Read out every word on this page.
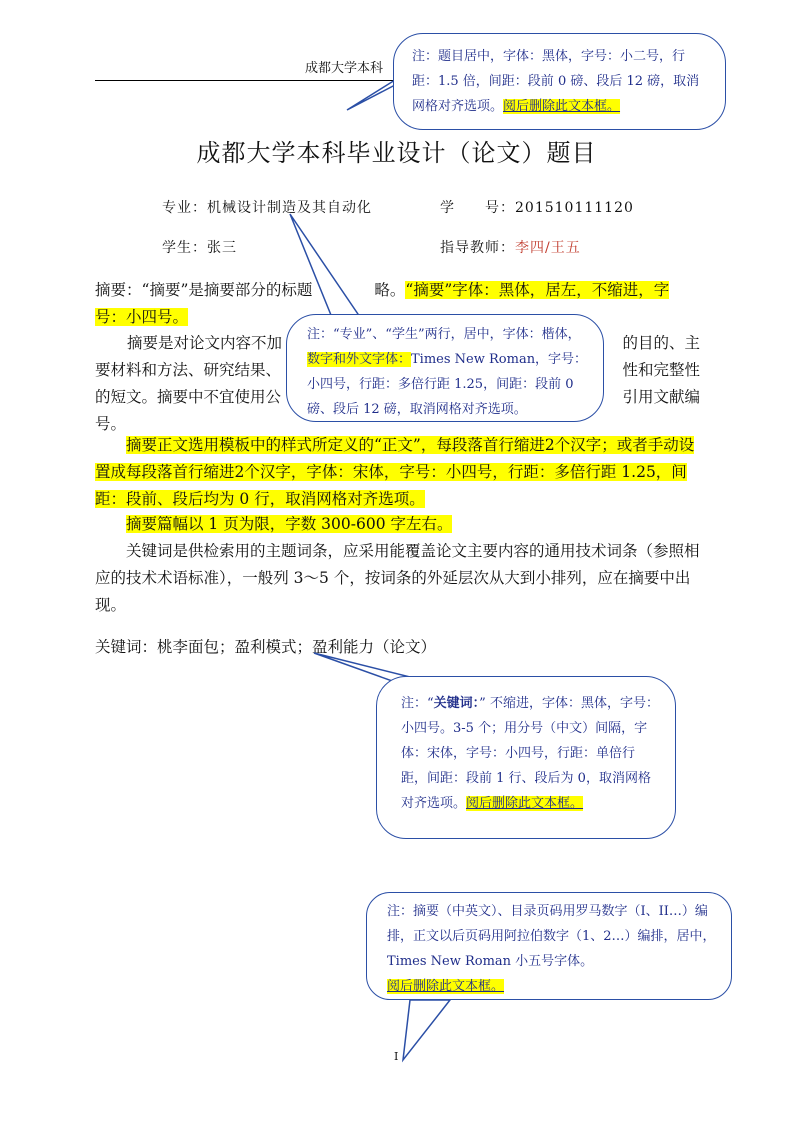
成都大学本科
成都大学本科毕业设计（论文）题目
专业：机械设计制造及其自动化	学　　号：201510111120
学生：张三	指导教师：李四/王五
摘要：“摘要”是摘要部分的标题	略。“摘要”字体：黑体，居左，不缩进，字号：小四号。
摘要是对论文内容不加	的目的、主
要材料和方法、研究结果、	性和完整性
的短文。摘要中不宜使用公	引用文献编
号。
摘要正文选用模板中的样式所定义的“正文”，每段落首行缩进2个汉字；或者手动设置成每段落首行缩进2个汉字，字体：宋体，字号：小四号，行距：多倍行距 1.25，间距：段前、段后均为 0 行，取消网格对齐选项。
摘要篇幅以 1 页为限，字数 300-600 字左右。
关键词是供检索用的主题词条，应采用能覆盖论文主要内容的通用技术词条（参照相应的技术术语标准），一般列 3～5 个，按词条的外延层次从大到小排列，应在摘要中出现。
关键词：桃李面包；盈利模式；盈利能力（论文）
注：题目居中，字体：黑体，字号：小二号，行距：1.5 倍，间距：段前 0 磅、段后 12 磅，取消网格对齐选项。阅后删除此文本框。
注：“专业”、“学生”两行，居中，字体：楷体，数字和外文字体：Times New Roman，字号：小四号，行距：多倍行距 1.25，间距：段前 0 磅、段后 12 磅，取消网格对齐选项。
注：“关键词：” 不缩进，字体：黑体，字号：小四号。3-5 个；用分号（中文）间隔，字体：宋体，字号：小四号，行距：单倍行距，间距：段前 1 行、段后为 0，取消网格对齐选项。阅后删除此文本框。
注：摘要（中英文）、目录页码用罗马数字（I、II…）编排，正文以后页码用阿拉伯数字（1、2…）编排，居中，Times New Roman 小五号字体。
阅后删除此文本框。
I
